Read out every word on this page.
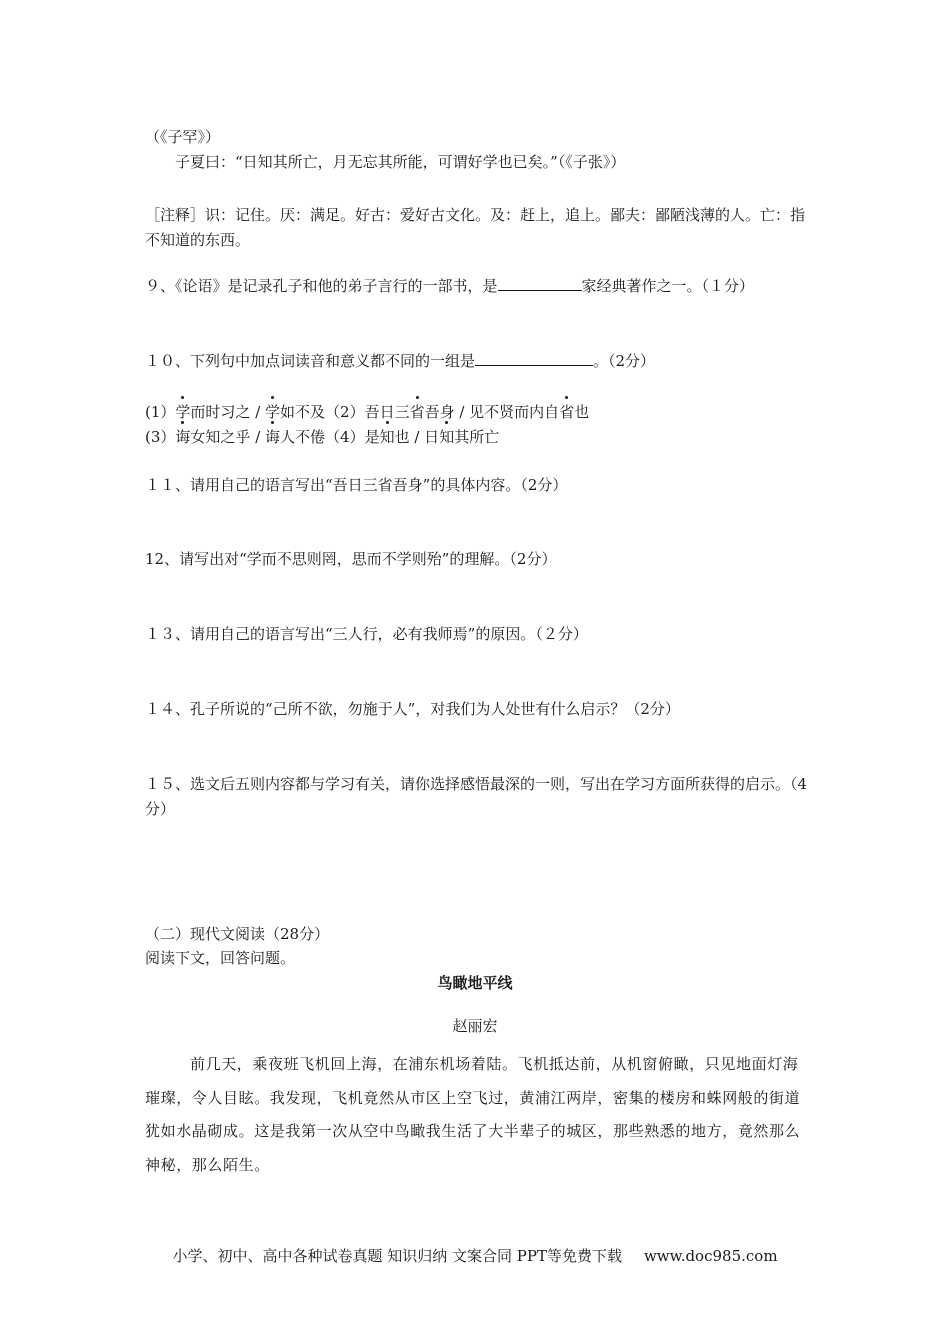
（《子罕》）

子夏曰：“日知其所亡，月无忘其所能，可谓好学也已矣。”（《子张》）

［注释］识：记住。厌：满足。好古：爱好古文化。及：赶上，追上。鄙夫：鄙陋浅薄的人。亡：指不知道的东西。

９、《论语》是记录孔子和他的弟子言行的一部书，是	家经典著作之一。（１分）

１０、下列句中加点词读音和意义都不同的一组是	。（2分）

(1）学而时习之 / 学如不及（2）吾日三省吾身 / 见不贤而内自省也

(3）诲女知之乎 / 诲人不倦（4）是知也 / 日知其所亡

１１、请用自己的语言写出“吾日三省吾身”的具体内容。（2分）

12、请写出对“学而不思则罔，思而不学则殆”的理解。（2分）

１３、请用自己的语言写出“三人行，必有我师焉”的原因。（２分）

１４、孔子所说的“己所不欲，勿施于人”，对我们为人处世有什么启示？（2分）

１５、选文后五则内容都与学习有关，请你选择感悟最深的一则，写出在学习方面所获得的启示。（4分）

（二）现代文阅读（28分）

阅读下文，回答问题。

鸟瞰地平线
赵丽宏

前几天，乘夜班飞机回上海，在浦东机场着陆。飞机抵达前，从机窗俯瞰，只见地面灯海璀璨，令人目眩。我发现，飞机竟然从市区上空飞过，黄浦江两岸，密集的楼房和蛛网般的街道犹如水晶砌成。这是我第一次从空中鸟瞰我生活了大半辈子的城区，那些熟悉的地方，竟然那么神秘，那么陌生。

小学、初中、高中各种试卷真题 知识归纳 文案合同 PPT等免费下载 www.doc985.com
